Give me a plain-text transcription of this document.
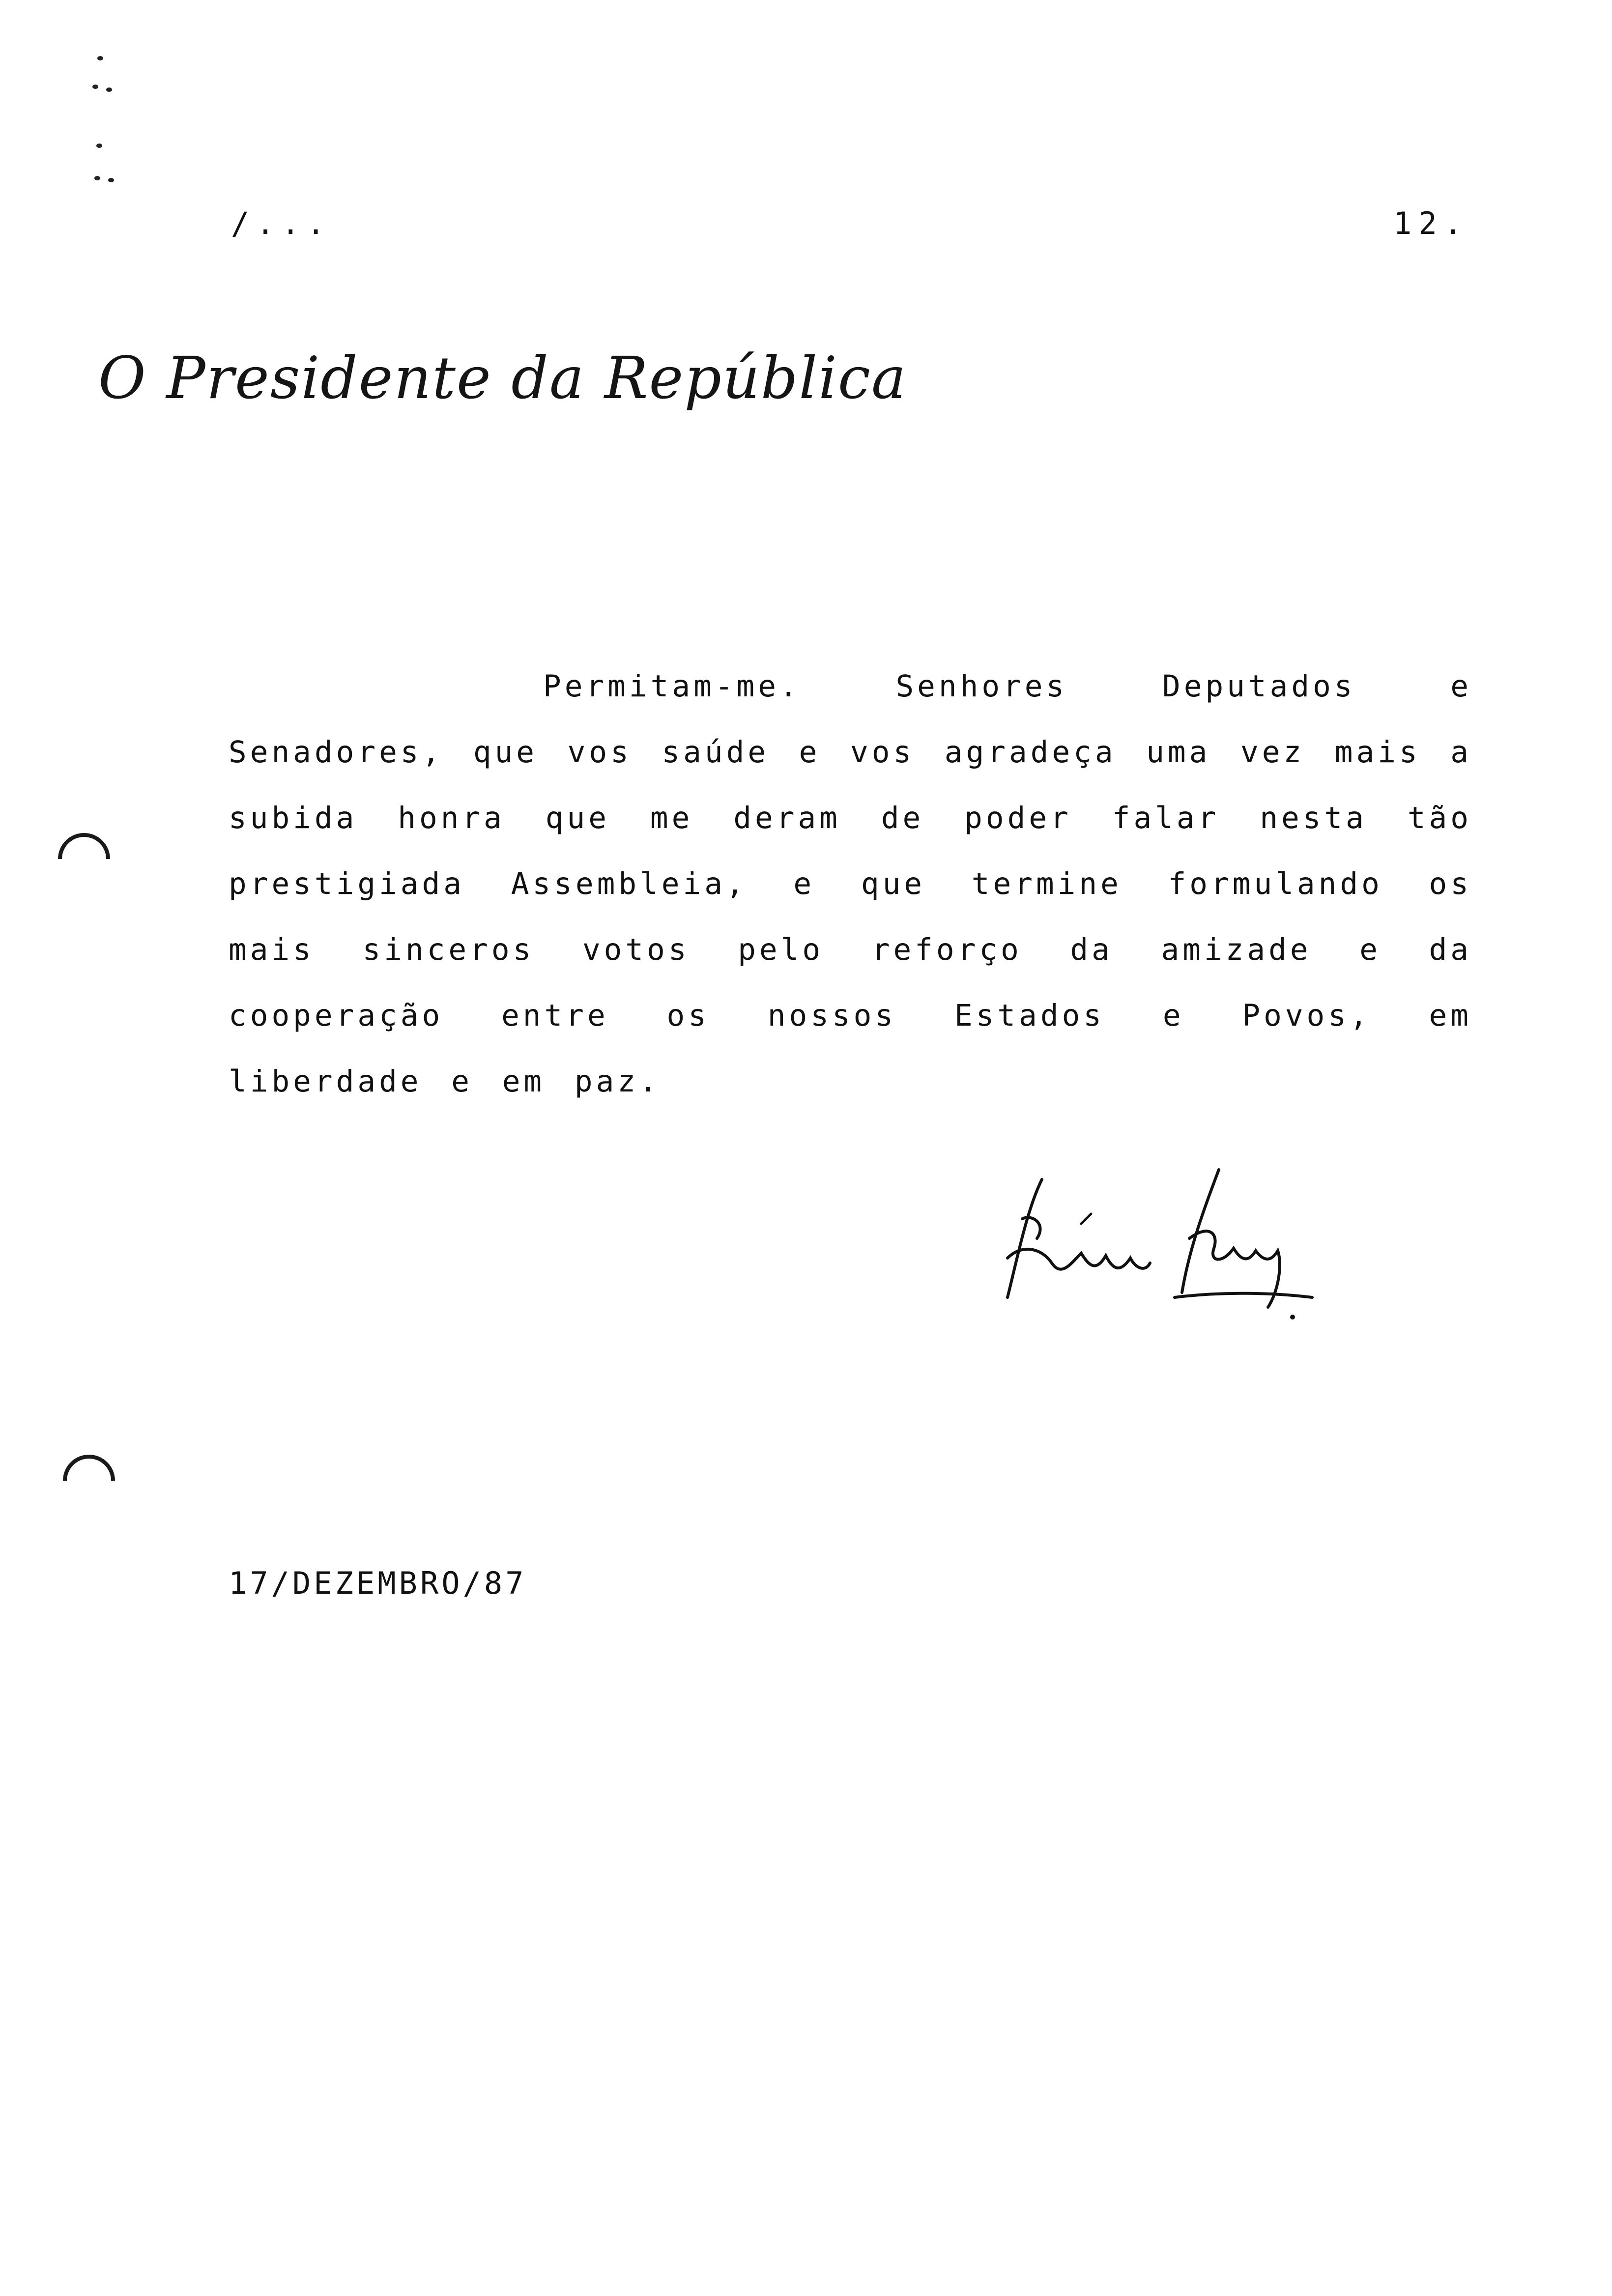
/...	12.
O Presidente da República
Permitam-me. Senhores Deputados e Senadores, que vos saúde e vos agradeça uma vez mais a subida honra que me deram de poder falar nesta tão prestigiada Assembleia, e que termine formulando os mais sinceros votos pelo reforço da amizade e da cooperação entre os nossos Estados e Povos, em liberdade e em paz.
17/DEZEMBRO/87
